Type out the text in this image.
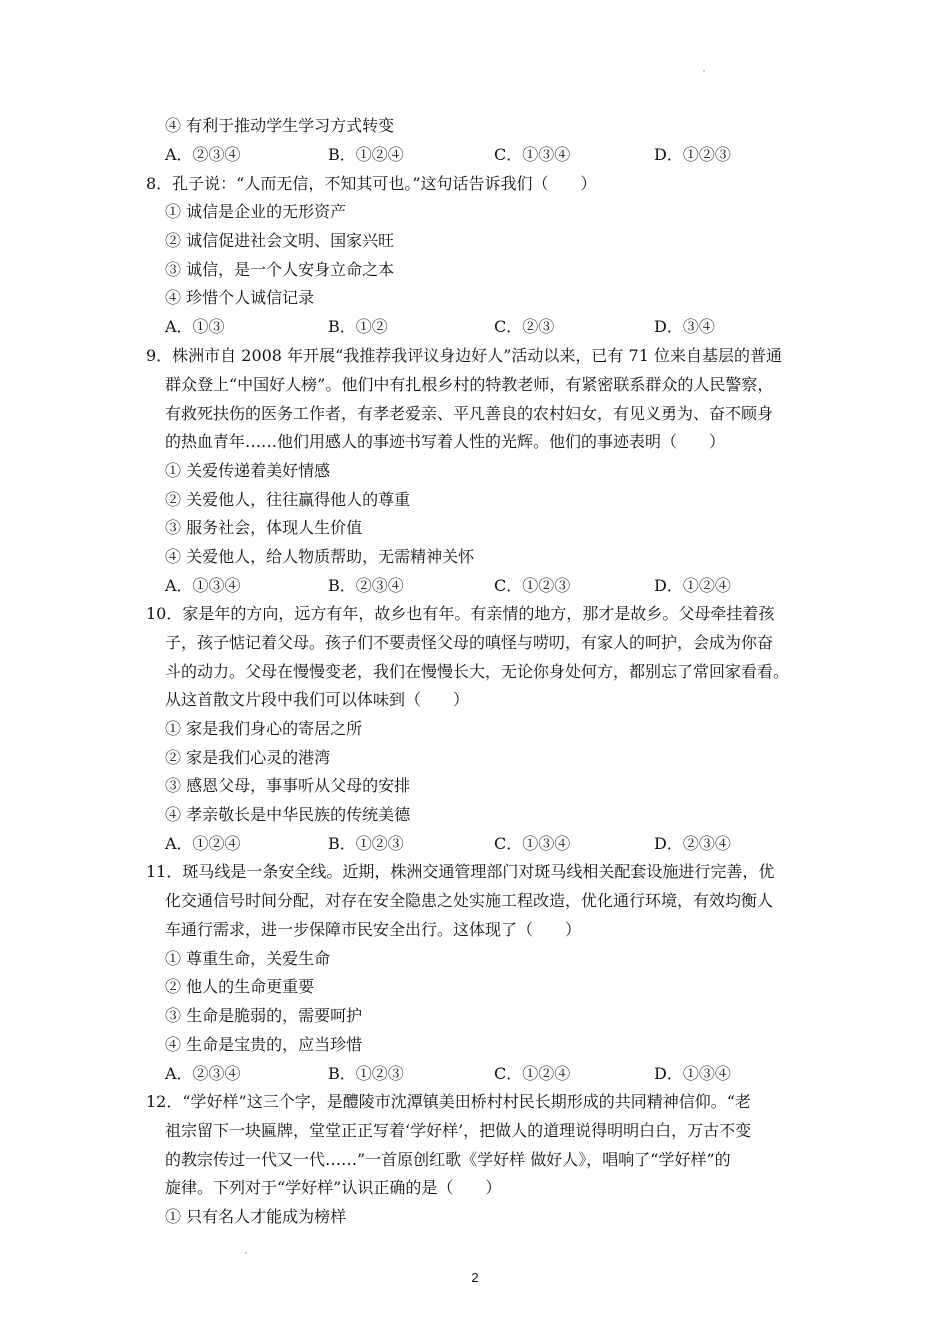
④ 有利于推动学生学习方式转变
A．②③④	B．①②④	C．①③④	D．①②③
8．孔子说：“人而无信，不知其可也。”这句话告诉我们（　　）
① 诚信是企业的无形资产
② 诚信促进社会文明、国家兴旺
③ 诚信，是一个人安身立命之本
④ 珍惜个人诚信记录
A．①③	B．①②	C．②③	D．③④
9．株洲市自 2008 年开展“我推荐我评议身边好人”活动以来，已有 71 位来自基层的普通
群众登上“中国好人榜”。他们中有扎根乡村的特教老师，有紧密联系群众的人民警察，
有救死扶伤的医务工作者，有孝老爱亲、平凡善良的农村妇女，有见义勇为、奋不顾身
的热血青年……他们用感人的事迹书写着人性的光辉。他们的事迹表明（　　）
① 关爱传递着美好情感
② 关爱他人，往往赢得他人的尊重
③ 服务社会，体现人生价值
④ 关爱他人，给人物质帮助，无需精神关怀
A．①③④	B．②③④	C．①②③	D．①②④
10．家是年的方向，远方有年，故乡也有年。有亲情的地方，那才是故乡。父母牵挂着孩
子，孩子惦记着父母。孩子们不要责怪父母的嗔怪与唠叨，有家人的呵护，会成为你奋
斗的动力。父母在慢慢变老，我们在慢慢长大，无论你身处何方，都别忘了常回家看看。
从这首散文片段中我们可以体味到（　　）
① 家是我们身心的寄居之所
② 家是我们心灵的港湾
③ 感恩父母，事事听从父母的安排
④ 孝亲敬长是中华民族的传统美德
A．①②④	B．①②③	C．①③④	D．②③④
11．斑马线是一条安全线。近期，株洲交通管理部门对斑马线相关配套设施进行完善，优
化交通信号时间分配，对存在安全隐患之处实施工程改造，优化通行环境，有效均衡人
车通行需求，进一步保障市民安全出行。这体现了（　　）
① 尊重生命，关爱生命
② 他人的生命更重要
③ 生命是脆弱的，需要呵护
④ 生命是宝贵的，应当珍惜
A．②③④	B．①②③	C．①②④	D．①③④
12．“学好样”这三个字，是醴陵市沈潭镇美田桥村村民长期形成的共同精神信仰。“老
祖宗留下一块匾牌，堂堂正正写着‘学好样’，把做人的道理说得明明白白，万古不变
的教宗传过一代又一代……”一首原创红歌《学好样 做好人》，唱响了“学好样”的
旋律。下列对于“学好样”认识正确的是（　　）
① 只有名人才能成为榜样
2
